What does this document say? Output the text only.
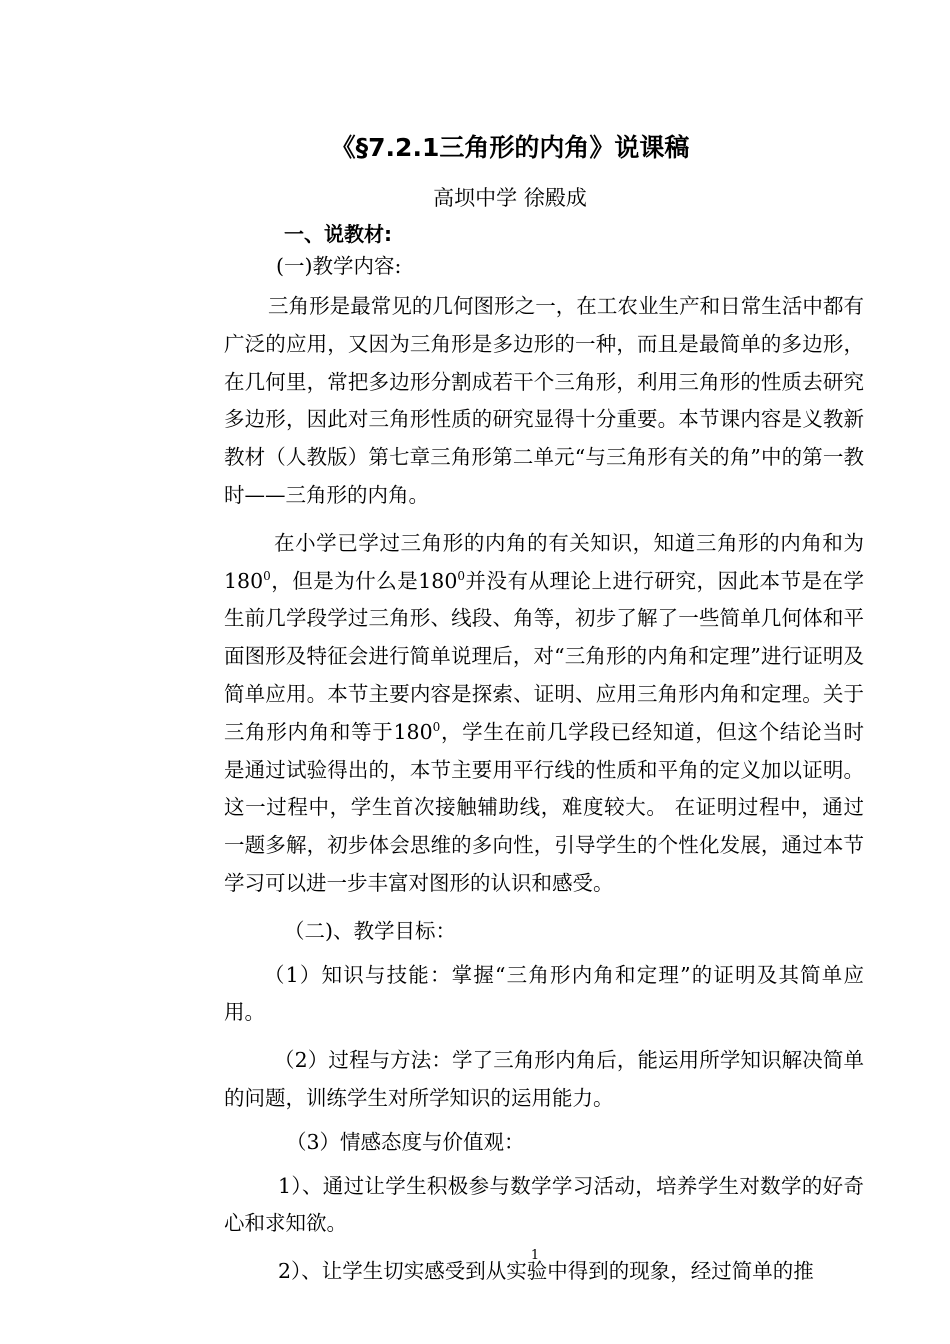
《§7.2.1三角形的内角》说课稿
高坝中学 徐殿成

一、说教材:

(一)教学内容:

三角形是最常见的几何图形之一，在工农业生产和日常生活中都有广泛的应用，又因为三角形是多边形的一种，而且是最简单的多边形，在几何里，常把多边形分割成若干个三角形，利用三角形的性质去研究多边形，因此对三角形性质的研究显得十分重要。本节课内容是义教新教材（人教版）第七章三角形第二单元“与三角形有关的角”中的第一教时——三角形的内角。

在小学已学过三角形的内角的有关知识，知道三角形的内角和为$180^0$，但是为什么是$180^0$并没有从理论上进行研究，因此本节是在学生前几学段学过三角形、线段、角等，初步了解了一些简单几何体和平面图形及特征会进行简单说理后，对“三角形的内角和定理”进行证明及简单应用。本节主要内容是探索、证明、应用三角形内角和定理。关于三角形内角和等于$180^0$，学生在前几学段已经知道，但这个结论当时是通过试验得出的，本节主要用平行线的性质和平角的定义加以证明。这一过程中，学生首次接触辅助线，难度较大。 在证明过程中，通过一题多解，初步体会思维的多向性，引导学生的个性化发展，通过本节学习可以进一步丰富对图形的认识和感受。

（二)、教学目标：

（1）知识与技能：掌握“三角形内角和定理”的证明及其简单应用。

（2）过程与方法：学了三角形内角后，能运用所学知识解决简单的问题，训练学生对所学知识的运用能力。

（3）情感态度与价值观：

1）、通过让学生积极参与数学学习活动，培养学生对数学的好奇心和求知欲。

2）、让学生切实感受到从实验中得到的现象，经过简单的推

1
